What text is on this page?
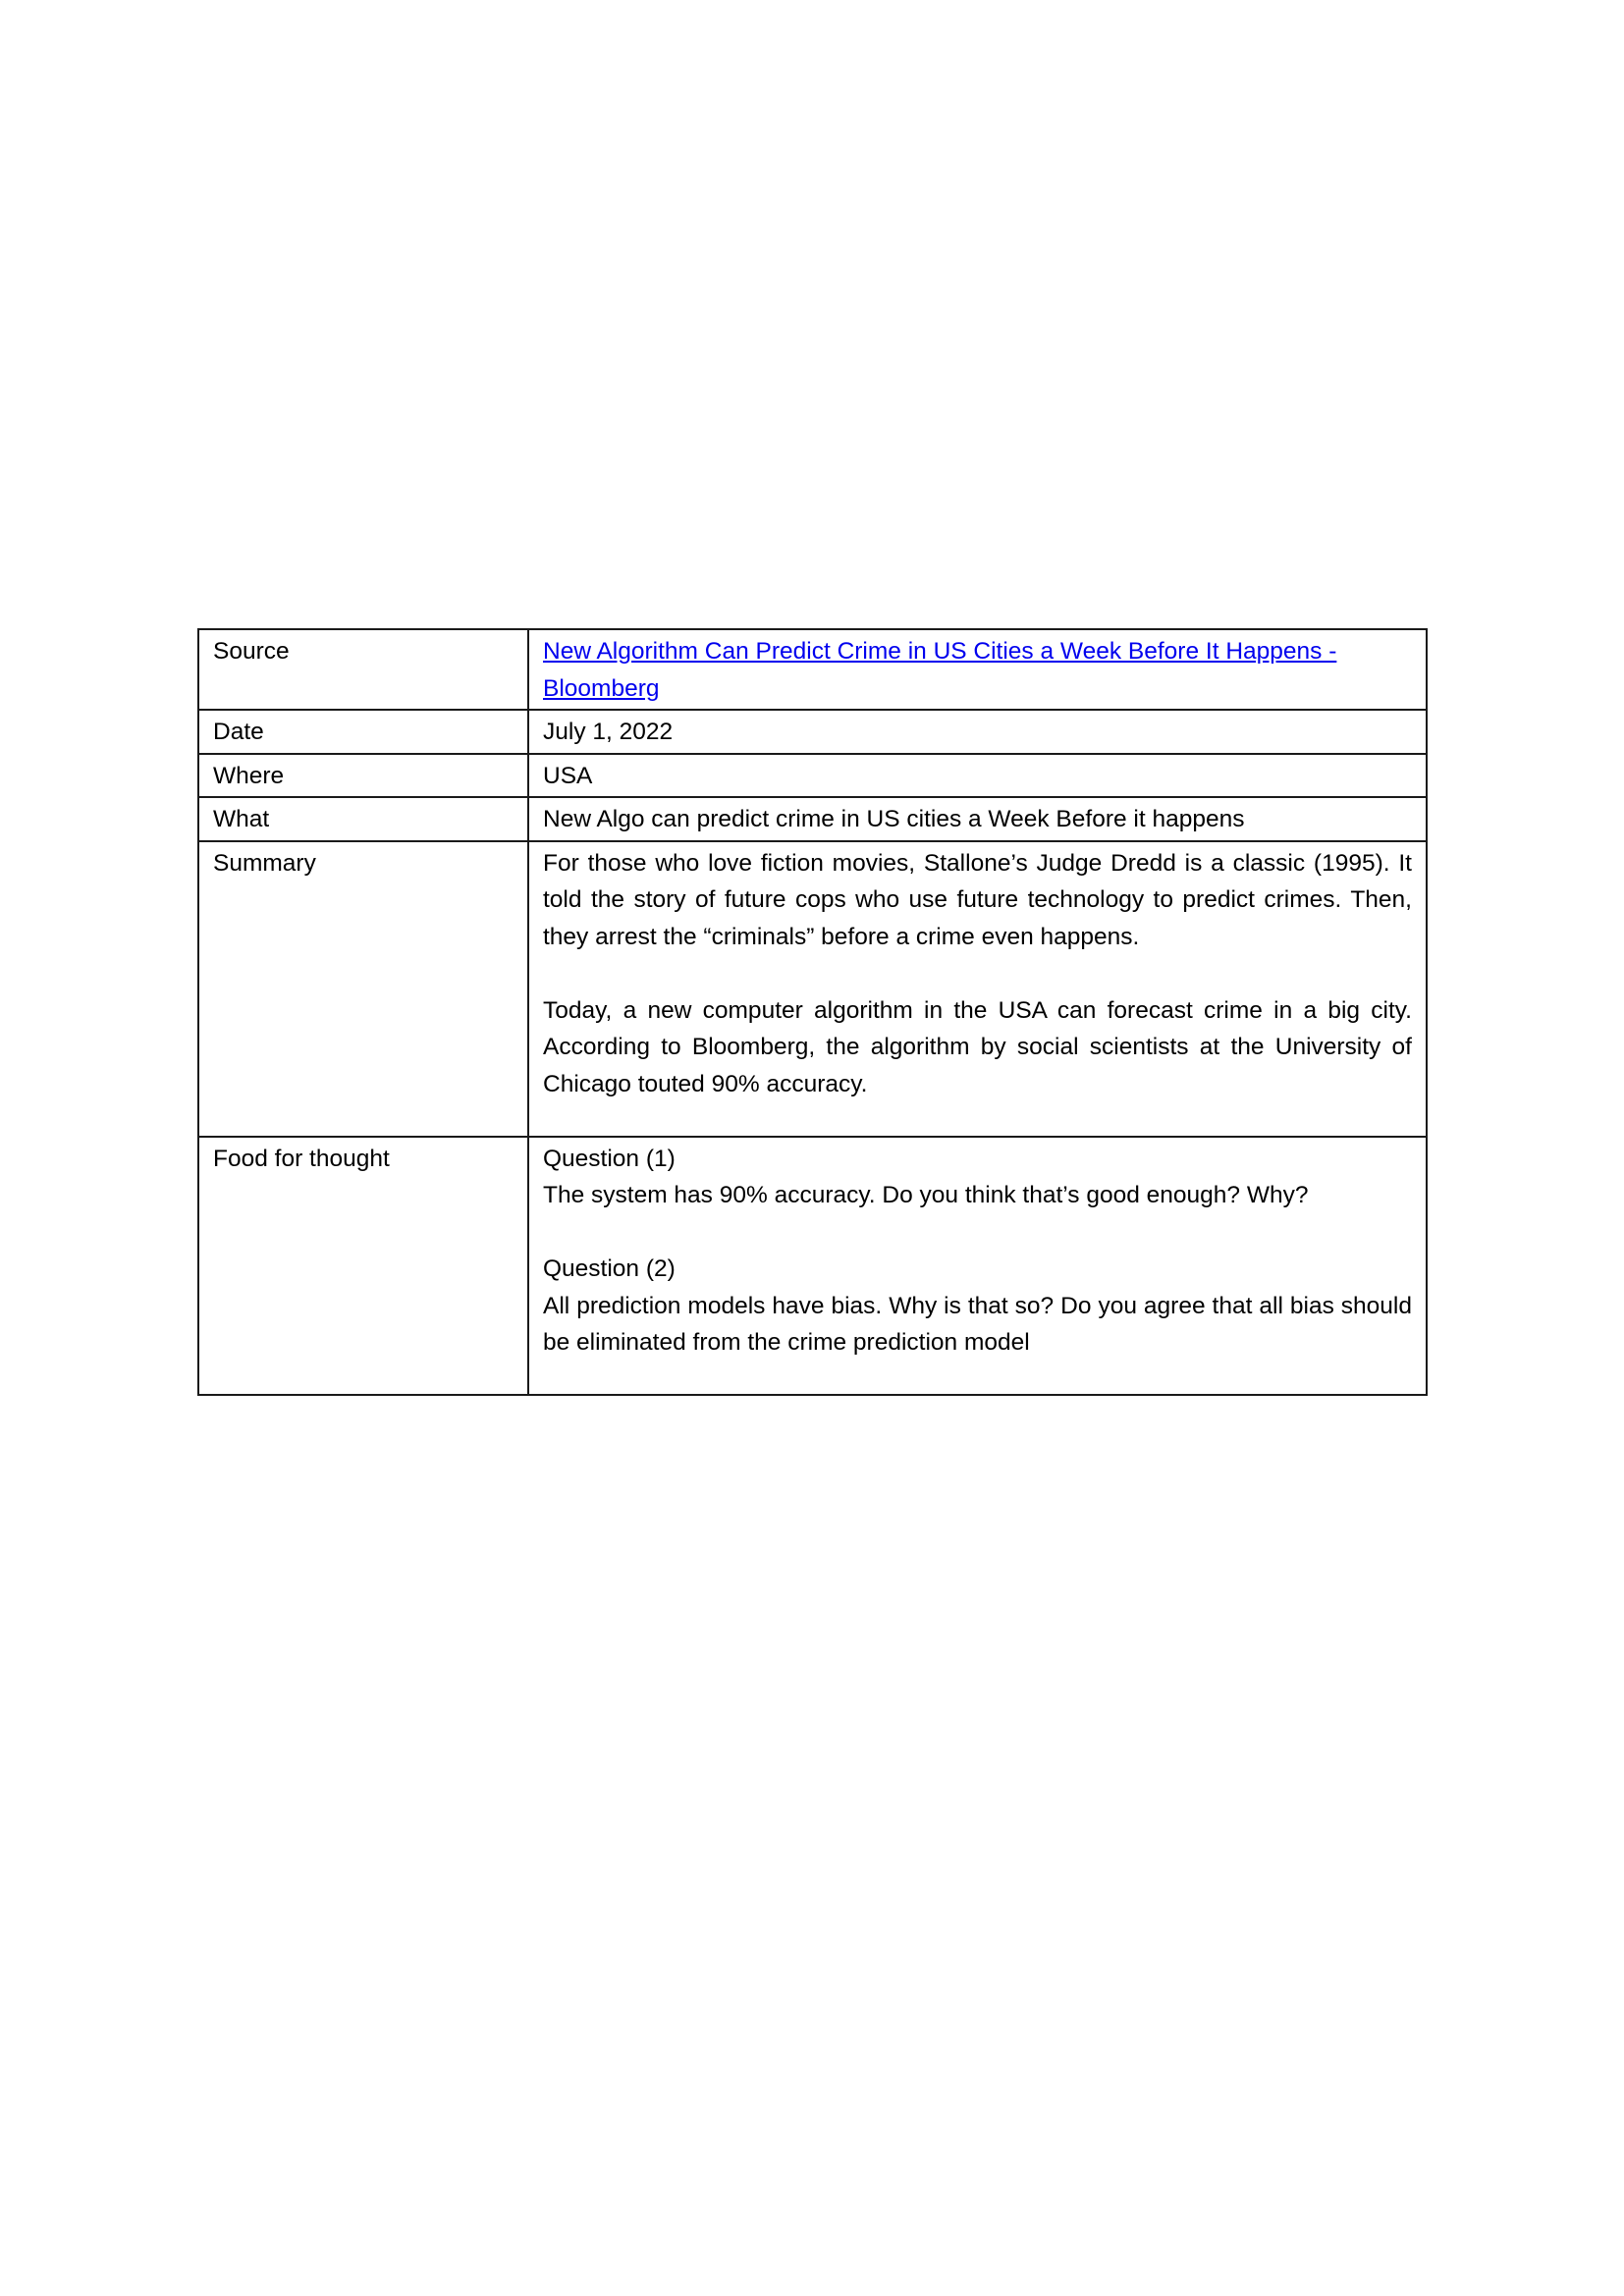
Source	New Algorithm Can Predict Crime in US Cities a Week Before It Happens - Bloomberg
Date	July 1, 2022
Where	USA
What	New Algo can predict crime in US cities a Week Before it happens
Summary	For those who love fiction movies, Stallone’s Judge Dredd is a classic (1995). It told the story of future cops who use future technology to predict crimes. Then, they arrest the “criminals” before a crime even happens.

Today, a new computer algorithm in the USA can forecast crime in a big city. According to Bloomberg, the algorithm by social scientists at the University of Chicago touted 90% accuracy.

Food for thought	Question (1)

The system has 90% accuracy. Do you think that’s good enough? Why?

Question (2)

All prediction models have bias. Why is that so? Do you agree that all bias should be eliminated from the crime prediction model
